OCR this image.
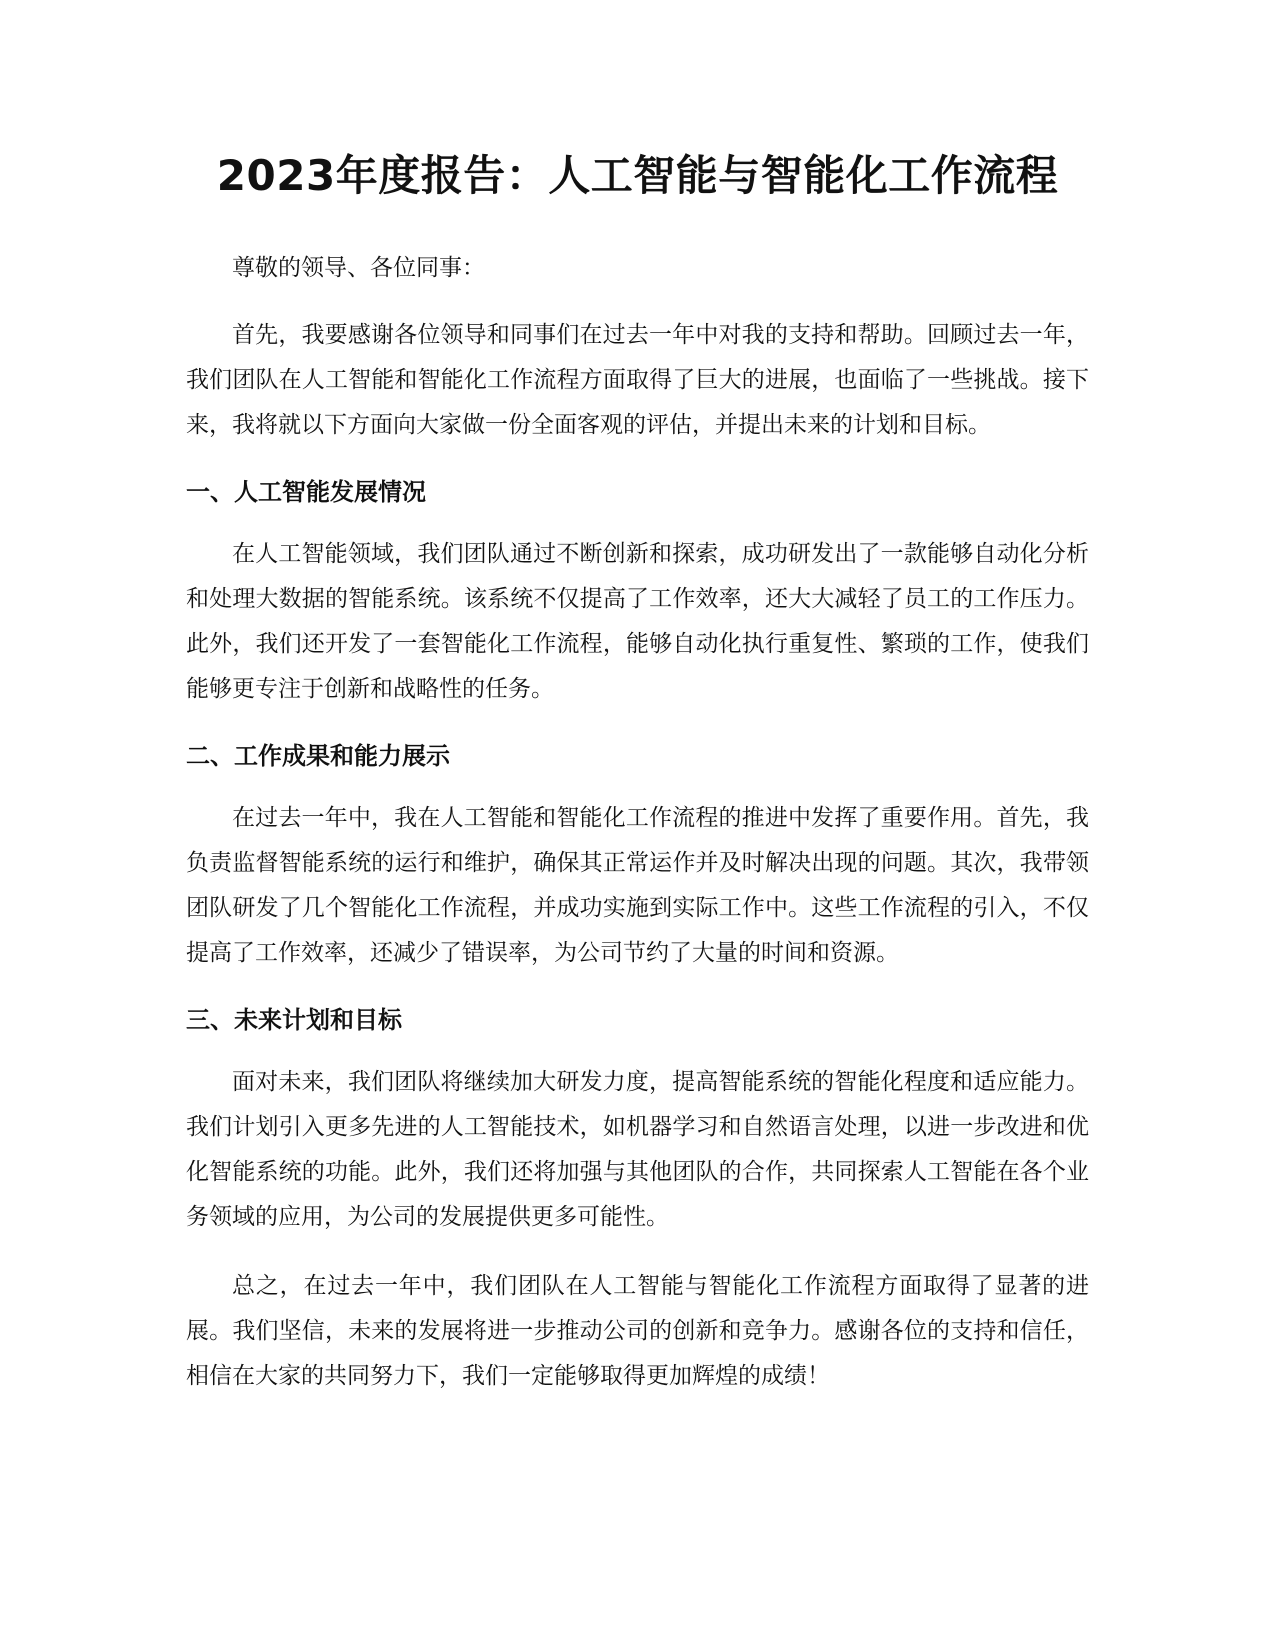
2023年度报告：人工智能与智能化工作流程

尊敬的领导、各位同事：

首先，我要感谢各位领导和同事们在过去一年中对我的支持和帮助。回顾过去一年，我们团队在人工智能和智能化工作流程方面取得了巨大的进展，也面临了一些挑战。接下来，我将就以下方面向大家做一份全面客观的评估，并提出未来的计划和目标。

一、人工智能发展情况

在人工智能领域，我们团队通过不断创新和探索，成功研发出了一款能够自动化分析和处理大数据的智能系统。该系统不仅提高了工作效率，还大大减轻了员工的工作压力。此外，我们还开发了一套智能化工作流程，能够自动化执行重复性、繁琐的工作，使我们能够更专注于创新和战略性的任务。

二、工作成果和能力展示

在过去一年中，我在人工智能和智能化工作流程的推进中发挥了重要作用。首先，我负责监督智能系统的运行和维护，确保其正常运作并及时解决出现的问题。其次，我带领团队研发了几个智能化工作流程，并成功实施到实际工作中。这些工作流程的引入，不仅提高了工作效率，还减少了错误率，为公司节约了大量的时间和资源。

三、未来计划和目标

面对未来，我们团队将继续加大研发力度，提高智能系统的智能化程度和适应能力。我们计划引入更多先进的人工智能技术，如机器学习和自然语言处理，以进一步改进和优化智能系统的功能。此外，我们还将加强与其他团队的合作，共同探索人工智能在各个业务领域的应用，为公司的发展提供更多可能性。

总之，在过去一年中，我们团队在人工智能与智能化工作流程方面取得了显著的进展。我们坚信，未来的发展将进一步推动公司的创新和竞争力。感谢各位的支持和信任，相信在大家的共同努力下，我们一定能够取得更加辉煌的成绩！
